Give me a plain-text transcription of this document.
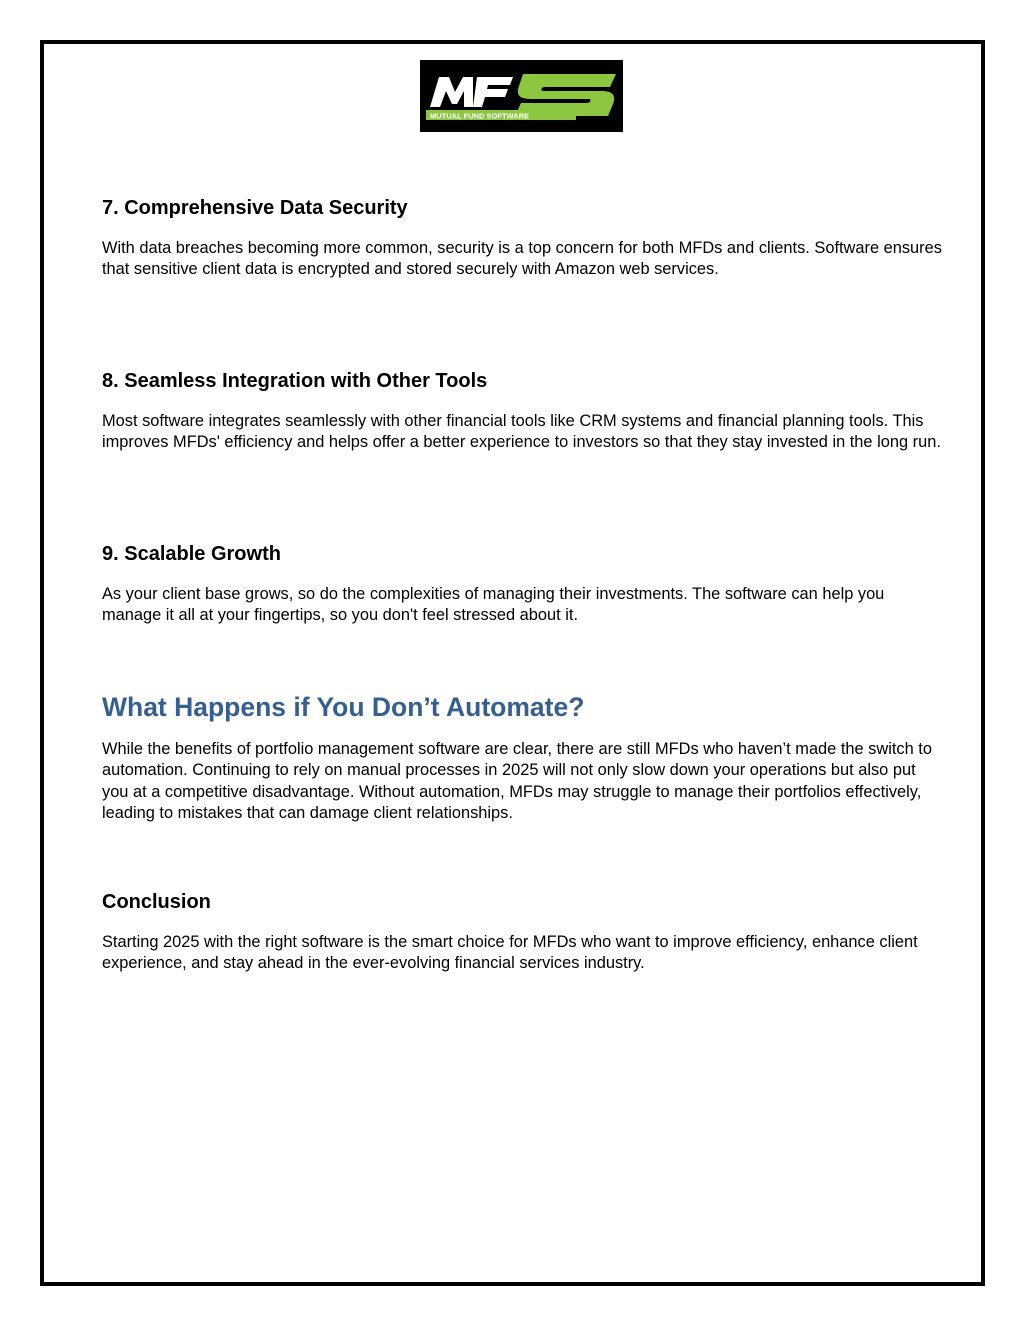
MUTUAL FUND SOFTWARE
7. Comprehensive Data Security

With data breaches becoming more common, security is a top concern for both MFDs and clients. Software ensures that sensitive client data is encrypted and stored securely with Amazon web services.

8. Seamless Integration with Other Tools

Most software integrates seamlessly with other financial tools like CRM systems and financial planning tools. This improves MFDs' efficiency and helps offer a better experience to investors so that they stay invested in the long run.

9. Scalable Growth

As your client base grows, so do the complexities of managing their investments. The software can help you manage it all at your fingertips, so you don't feel stressed about it.

What Happens if You Don’t Automate?

While the benefits of portfolio management software are clear, there are still MFDs who haven’t made the switch to automation. Continuing to rely on manual processes in 2025 will not only slow down your operations but also put you at a competitive disadvantage. Without automation, MFDs may struggle to manage their portfolios effectively, leading to mistakes that can damage client relationships.

Conclusion

Starting 2025 with the right software is the smart choice for MFDs who want to improve efficiency, enhance client experience, and stay ahead in the ever-evolving financial services industry.
